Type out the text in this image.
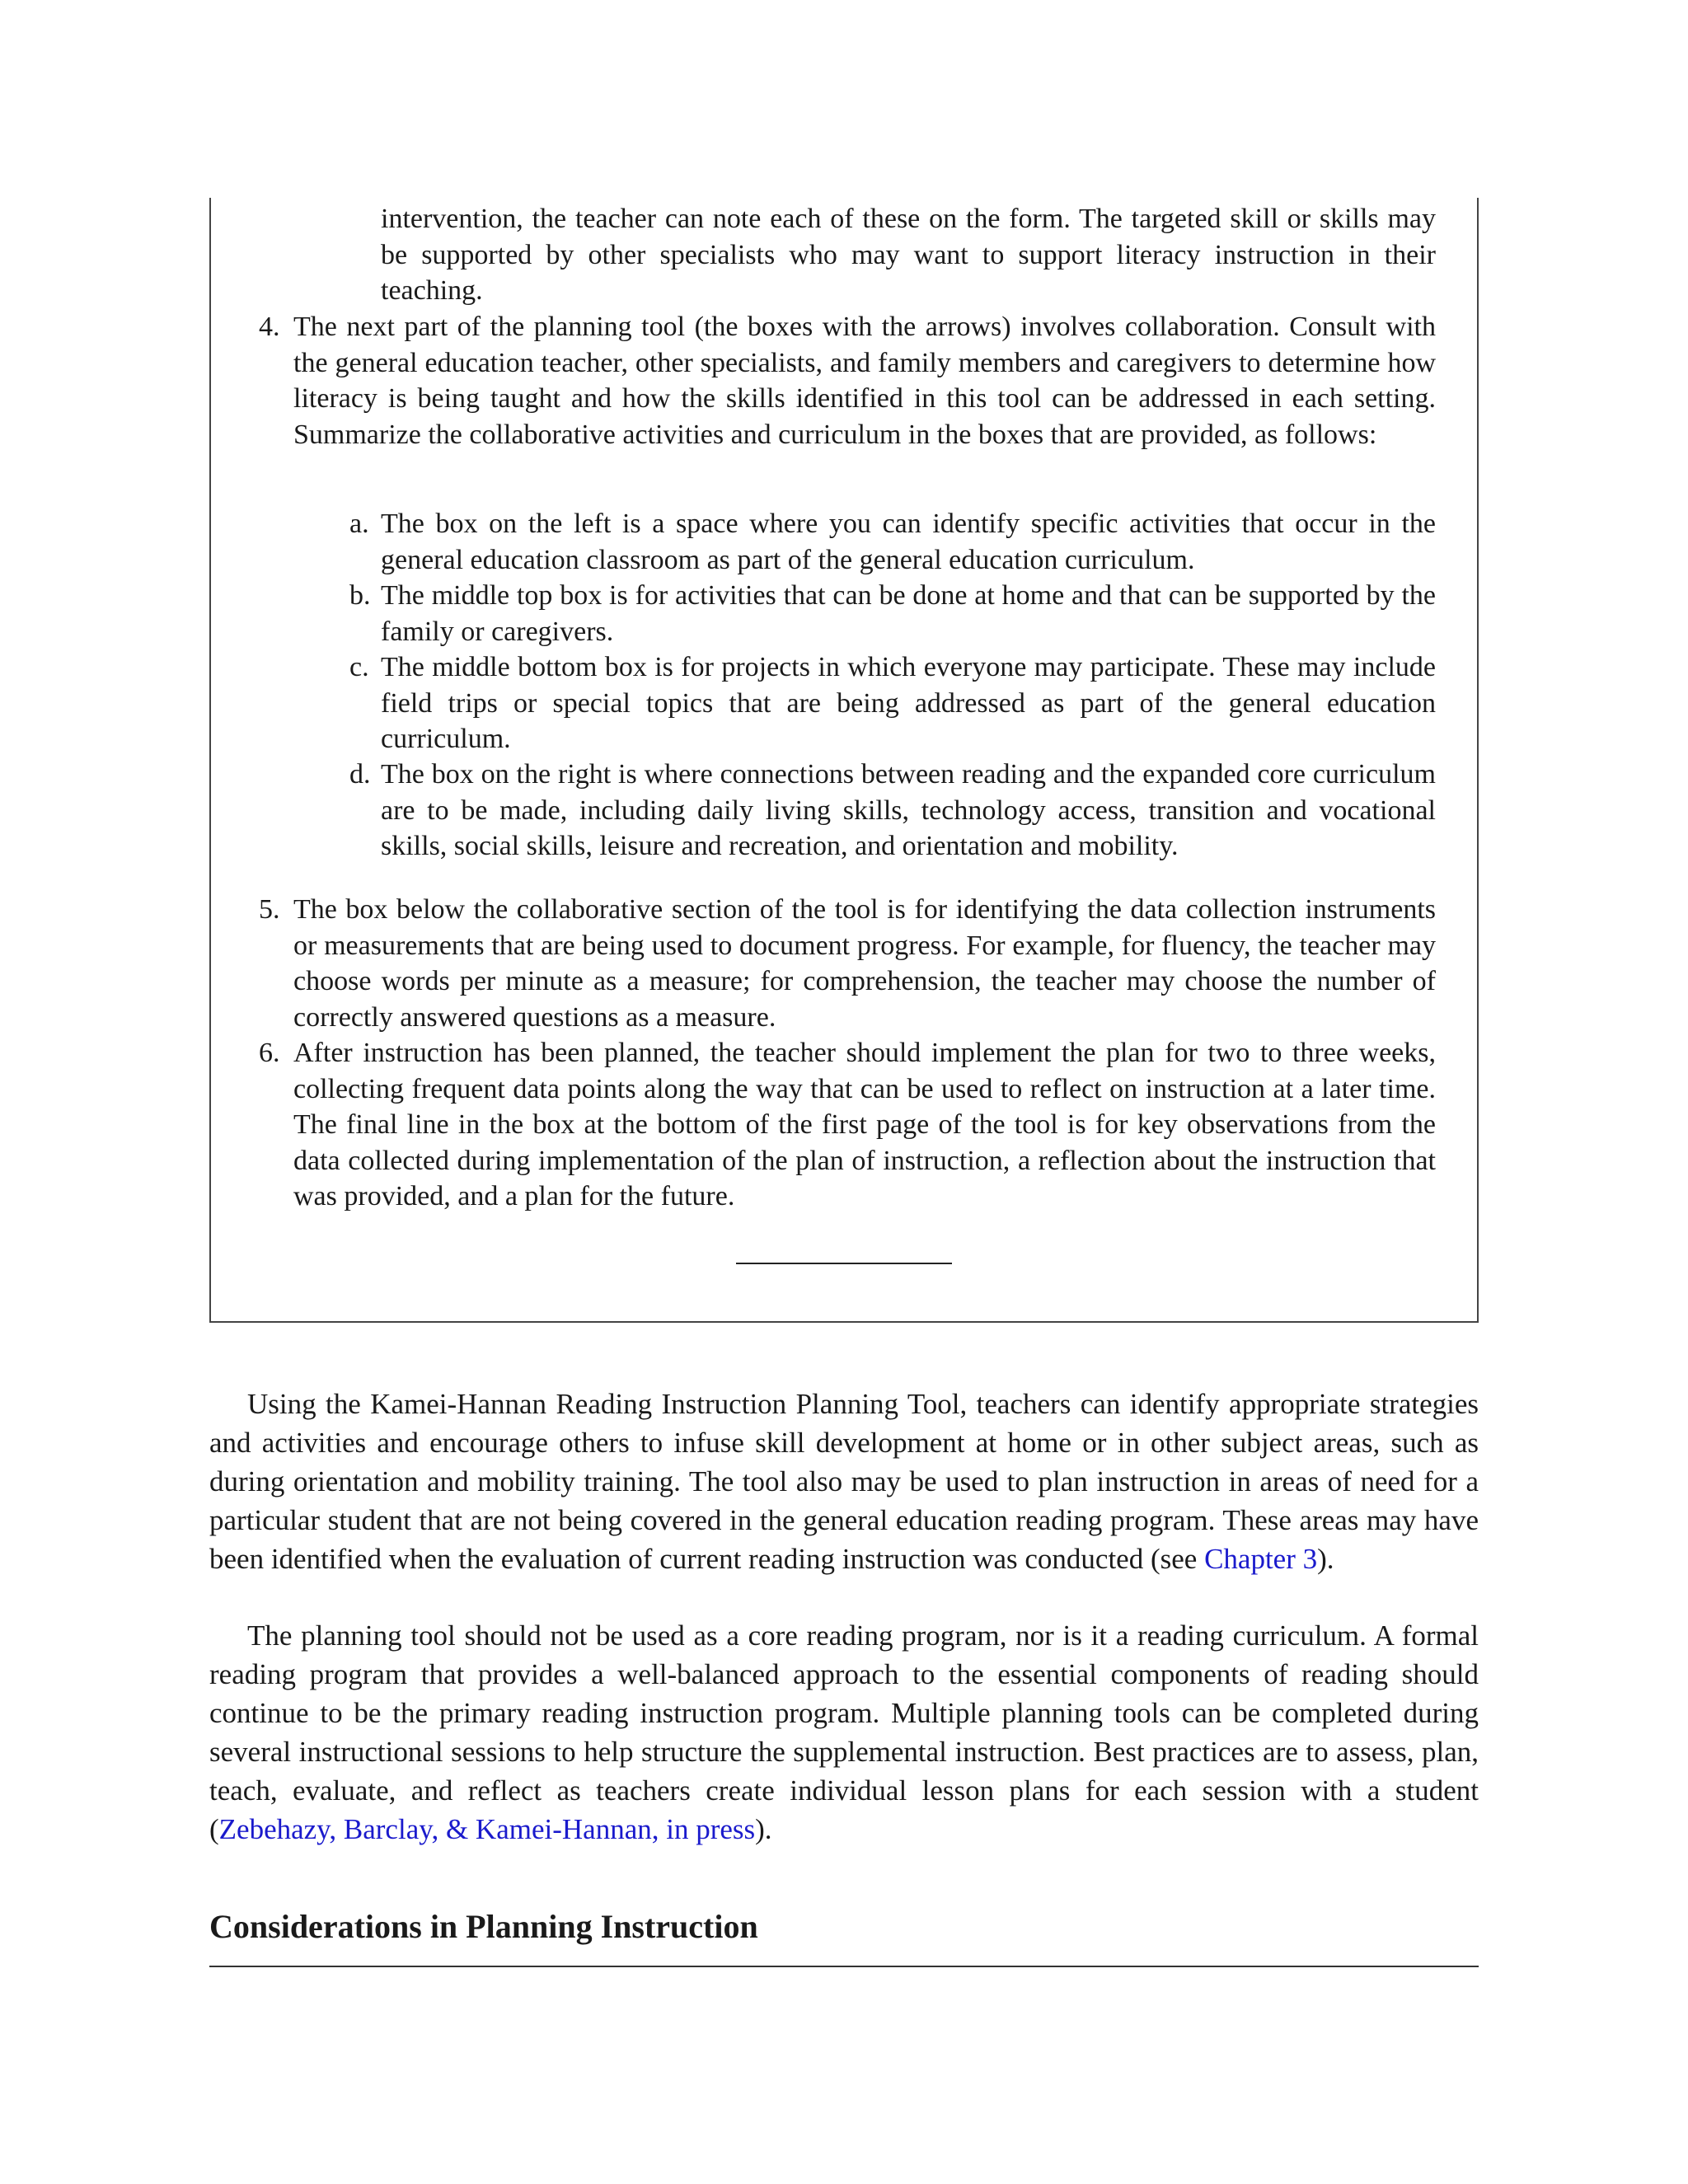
intervention, the teacher can note each of these on the form. The targeted skill or skills may be supported by other specialists who may want to support literacy instruction in their teaching.

4. The next part of the planning tool (the boxes with the arrows) involves collaboration. Consult with the general education teacher, other specialists, and family members and caregivers to determine how literacy is being taught and how the skills identified in this tool can be addressed in each setting. Summarize the collaborative activities and curriculum in the boxes that are provided, as follows:
a. The box on the left is a space where you can identify specific activities that occur in the general education classroom as part of the general education curriculum.
b. The middle top box is for activities that can be done at home and that can be supported by the family or caregivers.
c. The middle bottom box is for projects in which everyone may participate. These may include field trips or special topics that are being addressed as part of the general education curriculum.
d. The box on the right is where connections between reading and the expanded core curriculum are to be made, including daily living skills, technology access, transition and vocational skills, social skills, leisure and recreation, and orientation and mobility.
5. The box below the collaborative section of the tool is for identifying the data collection instruments or measurements that are being used to document progress. For example, for fluency, the teacher may choose words per minute as a measure; for comprehension, the teacher may choose the number of correctly answered questions as a measure.
6. After instruction has been planned, the teacher should implement the plan for two to three weeks, collecting frequent data points along the way that can be used to reflect on instruction at a later time. The final line in the box at the bottom of the first page of the tool is for key observations from the data collected during implementation of the plan of instruction, a reflection about the instruction that was provided, and a plan for the future.

Using the Kamei-Hannan Reading Instruction Planning Tool, teachers can identify appropriate strategies and activities and encourage others to infuse skill development at home or in other subject areas, such as during orientation and mobility training. The tool also may be used to plan instruction in areas of need for a particular student that are not being covered in the general education reading program. These areas may have been identified when the evaluation of current reading instruction was conducted (see Chapter 3).

The planning tool should not be used as a core reading program, nor is it a reading curriculum. A formal reading program that provides a well-balanced approach to the essential components of reading should continue to be the primary reading instruction program. Multiple planning tools can be completed during several instructional sessions to help structure the supplemental instruction. Best practices are to assess, plan, teach, evaluate, and reflect as teachers create individual lesson plans for each session with a student (Zebehazy, Barclay, & Kamei-Hannan, in press).

Considerations in Planning Instruction
